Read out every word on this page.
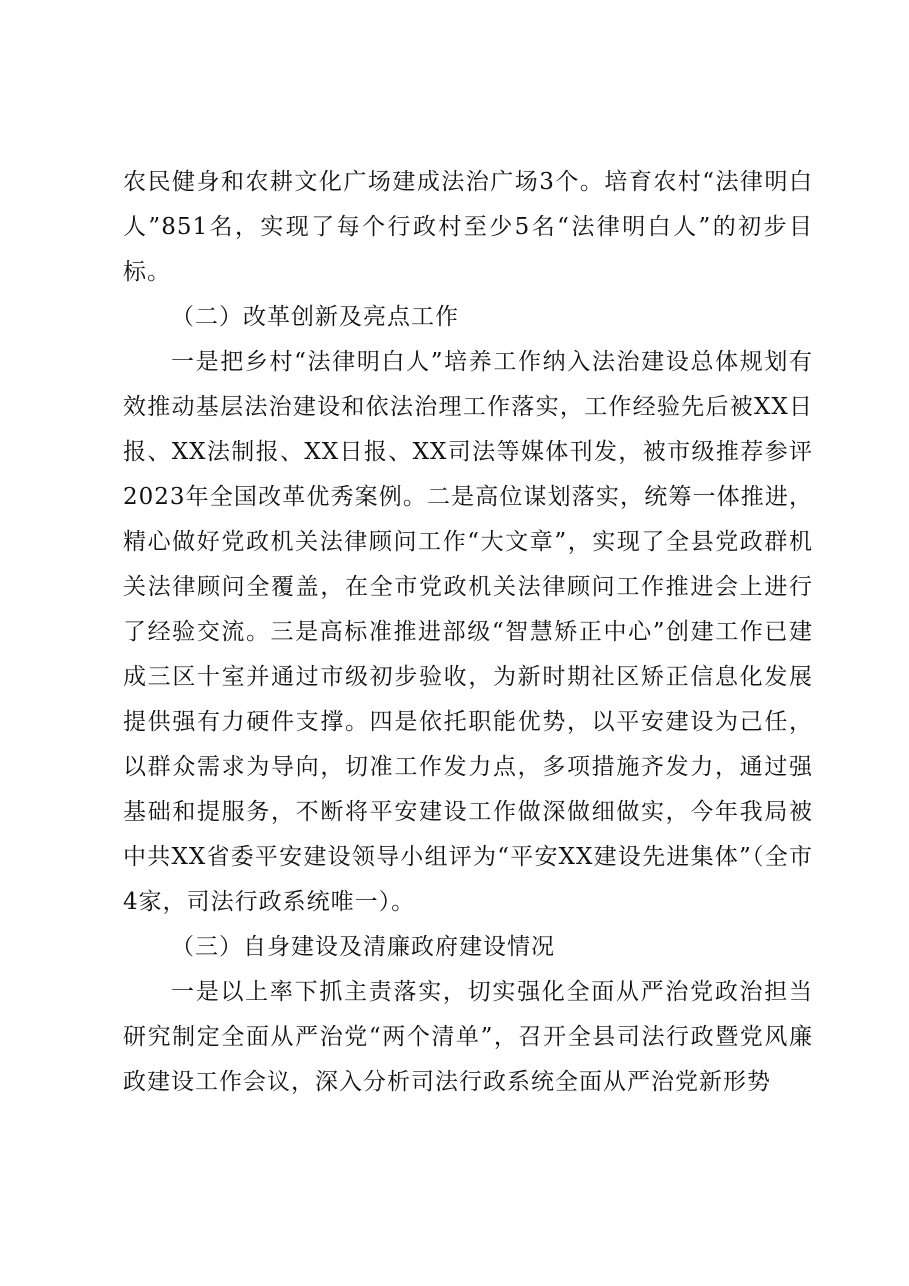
农民健身和农耕文化广场建成法治广场3个。培育农村“法律明白人”851名，实现了每个行政村至少5名“法律明白人”的初步目标。

（二）改革创新及亮点工作

一是把乡村“法律明白人”培养工作纳入法治建设总体规划有效推动基层法治建设和依法治理工作落实，工作经验先后被XX日报、XX法制报、XX日报、XX司法等媒体刊发，被市级推荐参评2023年全国改革优秀案例。二是高位谋划落实，统筹一体推进，精心做好党政机关法律顾问工作“大文章”，实现了全县党政群机关法律顾问全覆盖，在全市党政机关法律顾问工作推进会上进行了经验交流。三是高标准推进部级“智慧矫正中心”创建工作已建成三区十室并通过市级初步验收，为新时期社区矫正信息化发展提供强有力硬件支撑。四是依托职能优势，以平安建设为己任，以群众需求为导向，切准工作发力点，多项措施齐发力，通过强基础和提服务，不断将平安建设工作做深做细做实，今年我局被中共XX省委平安建设领导小组评为“平安XX建设先进集体”（全市4家，司法行政系统唯一）。

（三）自身建设及清廉政府建设情况

一是以上率下抓主责落实，切实强化全面从严治党政治担当研究制定全面从严治党“两个清单”，召开全县司法行政暨党风廉政建设工作会议，深入分析司法行政系统全面从严治党新形势
